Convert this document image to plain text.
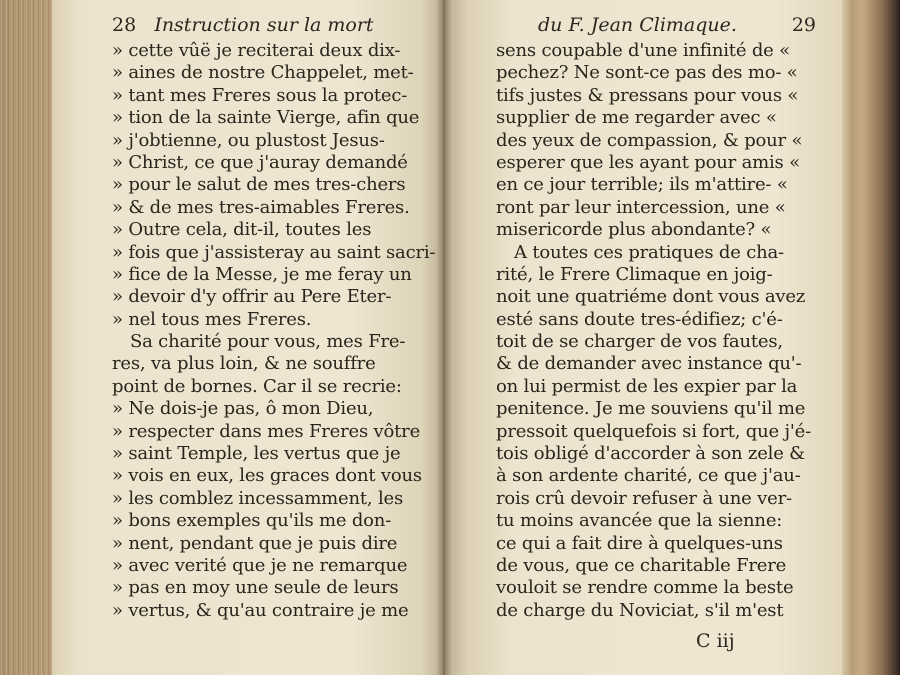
28 Instruction sur la mort
» cette vûë je reciterai deux dix-
» aines de nostre Chappelet, met-
» tant mes Freres sous la protec-
» tion de la sainte Vierge, afin que
» j'obtienne, ou plustost Jesus-
» Christ, ce que j'auray demandé
» pour le salut de mes tres-chers
» & de mes tres-aimables Freres.
» Outre cela, dit-il, toutes les
» fois que j'assisteray au saint sacri-
» fice de la Messe, je me feray un
» devoir d'y offrir au Pere Eter-
» nel tous mes Freres.
Sa charité pour vous, mes Fre-
res, va plus loin, & ne souffre
point de bornes. Car il se recrie:
» Ne dois-je pas, ô mon Dieu,
» respecter dans mes Freres vôtre
» saint Temple, les vertus que je
» vois en eux, les graces dont vous
» les comblez incessamment, les
» bons exemples qu'ils me don-
» nent, pendant que je puis dire
» avec verité que je ne remarque
» pas en moy une seule de leurs
» vertus, & qu'au contraire je me
du F. Jean Climaque.	29
sens coupable d'une infinité de «
pechez? Ne sont-ce pas des mo- «
tifs justes & pressans pour vous «
supplier de me regarder avec «
des yeux de compassion, & pour «
esperer que les ayant pour amis «
en ce jour terrible; ils m'attire- «
ront par leur intercession, une «
misericorde plus abondante? «
A toutes ces pratiques de cha-
rité, le Frere Climaque en joig-
noit une quatriéme dont vous avez
esté sans doute tres-édifiez; c'é-
toit de se charger de vos fautes,
& de demander avec instance qu'-
on lui permist de les expier par la
penitence. Je me souviens qu'il me
pressoit quelquefois si fort, que j'é-
tois obligé d'accorder à son zele &
à son ardente charité, ce que j'au-
rois crû devoir refuser à une ver-
tu moins avancée que la sienne:
ce qui a fait dire à quelques-uns
de vous, que ce charitable Frere
vouloit se rendre comme la beste
de charge du Noviciat, s'il m'est
C iij
